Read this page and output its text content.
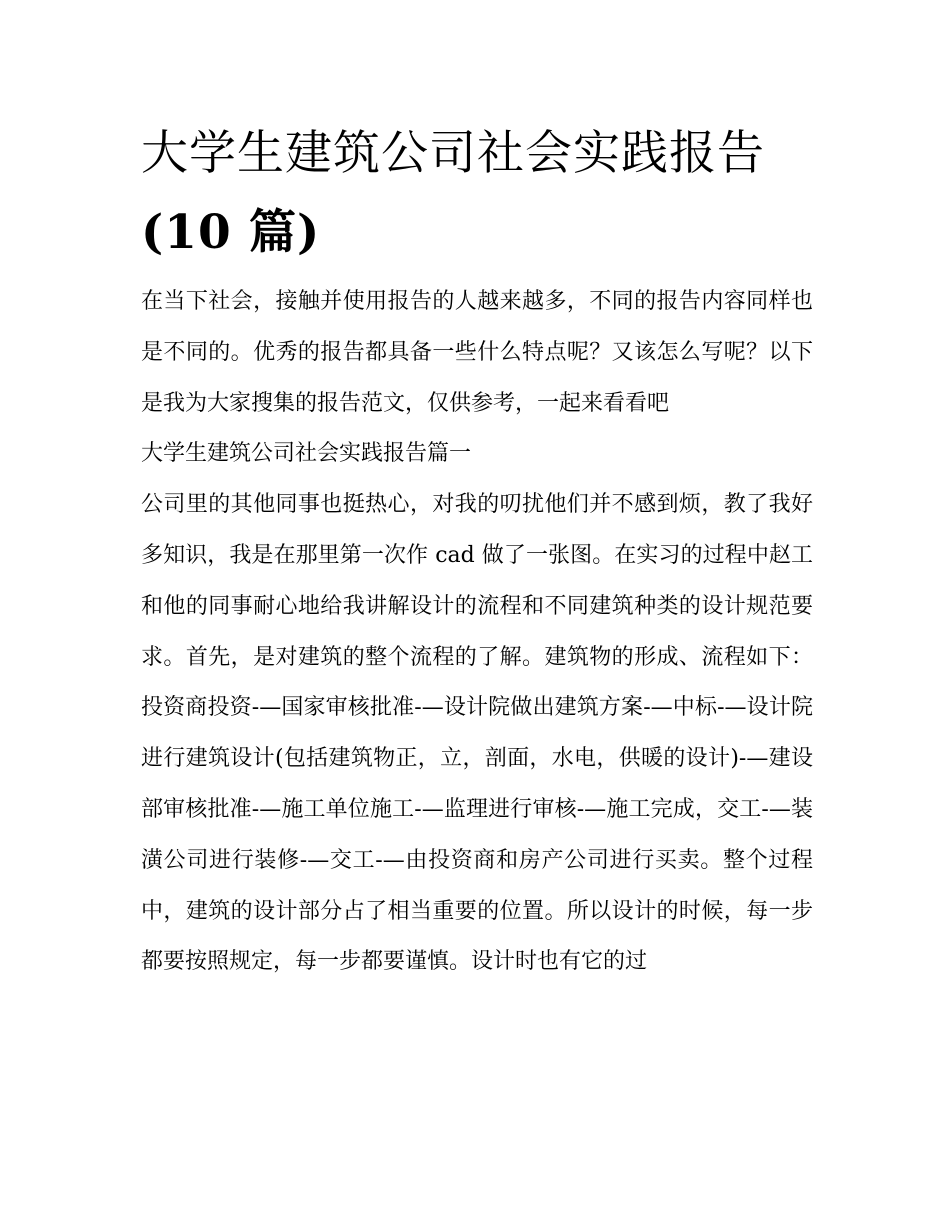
大学生建筑公司社会实践报告
(10 篇)

在当下社会，接触并使用报告的人越来越多，不同的报告内容同样也是不同的。优秀的报告都具备一些什么特点呢？又该怎么写呢？以下是我为大家搜集的报告范文，仅供参考，一起来看看吧

大学生建筑公司社会实践报告篇一

公司里的其他同事也挺热心，对我的叨扰他们并不感到烦，教了我好多知识，我是在那里第一次作 cad 做了一张图。在实习的过程中赵工和他的同事耐心地给我讲解设计的流程和不同建筑种类的设计规范要求。首先，是对建筑的整个流程的了解。建筑物的形成、流程如下：投资商投资-—国家审核批准-—设计院做出建筑方案-—中标-—设计院进行建筑设计(包括建筑物正，立，剖面，水电，供暖的设计)-—建设部审核批准-—施工单位施工-—监理进行审核-—施工完成，交工-—装潢公司进行装修-—交工-—由投资商和房产公司进行买卖。整个过程中，建筑的设计部分占了相当重要的位置。所以设计的时候，每一步都要按照规定，每一步都要谨慎。设计时也有它的过
